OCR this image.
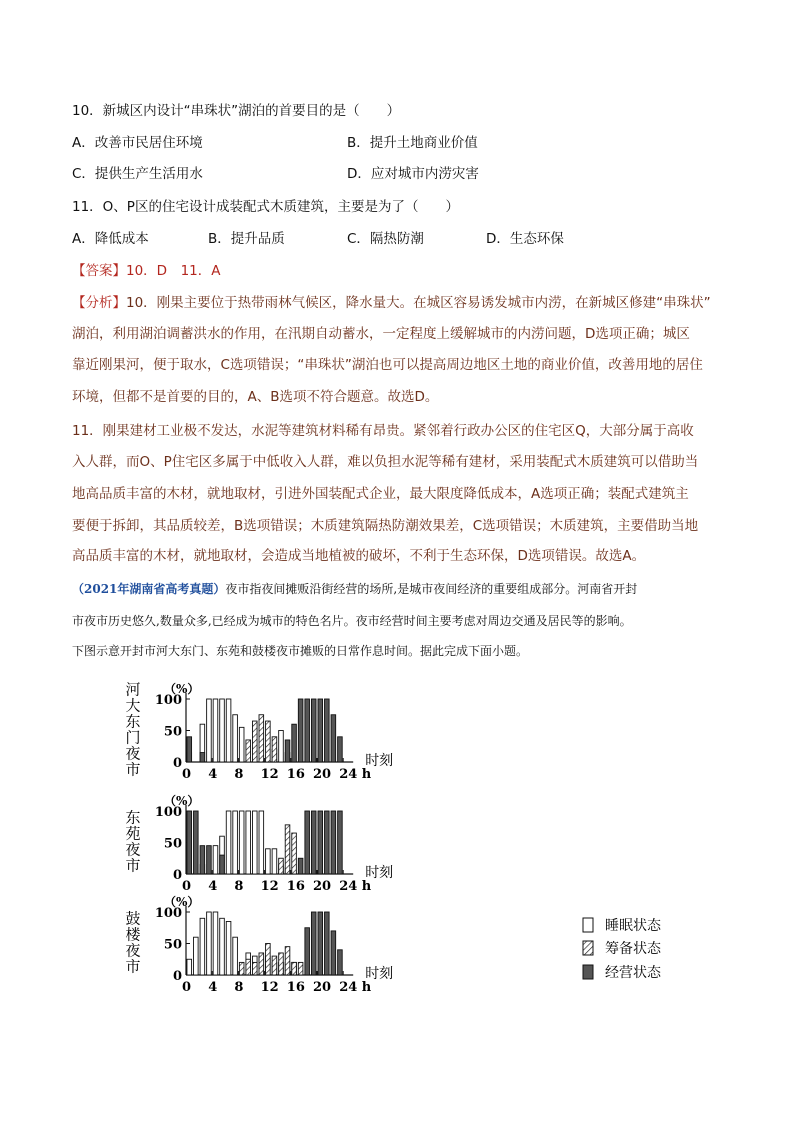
10．新城区内设计“串珠状”湖泊的首要目的是（　　）
A．改善市民居住环境	B．提升土地商业价值
C．提供生产生活用水	D．应对城市内涝灾害
11．O、P区的住宅设计成装配式木质建筑，主要是为了（　　）
A．降低成本	B．提升品质	C．隔热防潮	D．生态环保
【答案】10．D　11．A
【分析】10．刚果主要位于热带雨林气候区，降水量大。在城区容易诱发城市内涝，在新城区修建“串珠状”
湖泊，利用湖泊调蓄洪水的作用，在汛期自动蓄水，一定程度上缓解城市的内涝问题，D选项正确；城区
靠近刚果河，便于取水，C选项错误；“串珠状”湖泊也可以提高周边地区土地的商业价值，改善用地的居住
环境，但都不是首要的目的，A、B选项不符合题意。故选D。
11．刚果建材工业极不发达，水泥等建筑材料稀有昂贵。紧邻着行政办公区的住宅区Q，大部分属于高收
入人群，而O、P住宅区多属于中低收入人群，难以负担水泥等稀有建材，采用装配式木质建筑可以借助当
地高品质丰富的木材，就地取材，引进外国装配式企业，最大限度降低成本，A选项正确；装配式建筑主
要便于拆卸，其品质较差，B选项错误；木质建筑隔热防潮效果差，C选项错误；木质建筑，主要借助当地
高品质丰富的木材，就地取材，会造成当地植被的破坏，不利于生态环保，D选项错误。故选A。
（2021年湖南省高考真题）夜市指夜间摊贩沿街经营的场所,是城市夜间经济的重要组成部分。河南省开封
市夜市历史悠久,数量众多,已经成为城市的特色名片。夜市经营时间主要考虑对周边交通及居民等的影响。
下图示意开封市河大东门、东苑和鼓楼夜市摊贩的日常作息时间。据此完成下面小题。
0
50
100
（%）
0 4 8 12 16 20 24 h
时刻
河
大
东
门
夜
市
0
50
100
（%）
0 4 8 12 16 20 24 h
时刻
东
苑
夜
市
0
50
100
（%）
0 4 8 12 16 20 24 h
时刻
鼓
楼
夜
市
睡眠状态
筹备状态
经营状态
